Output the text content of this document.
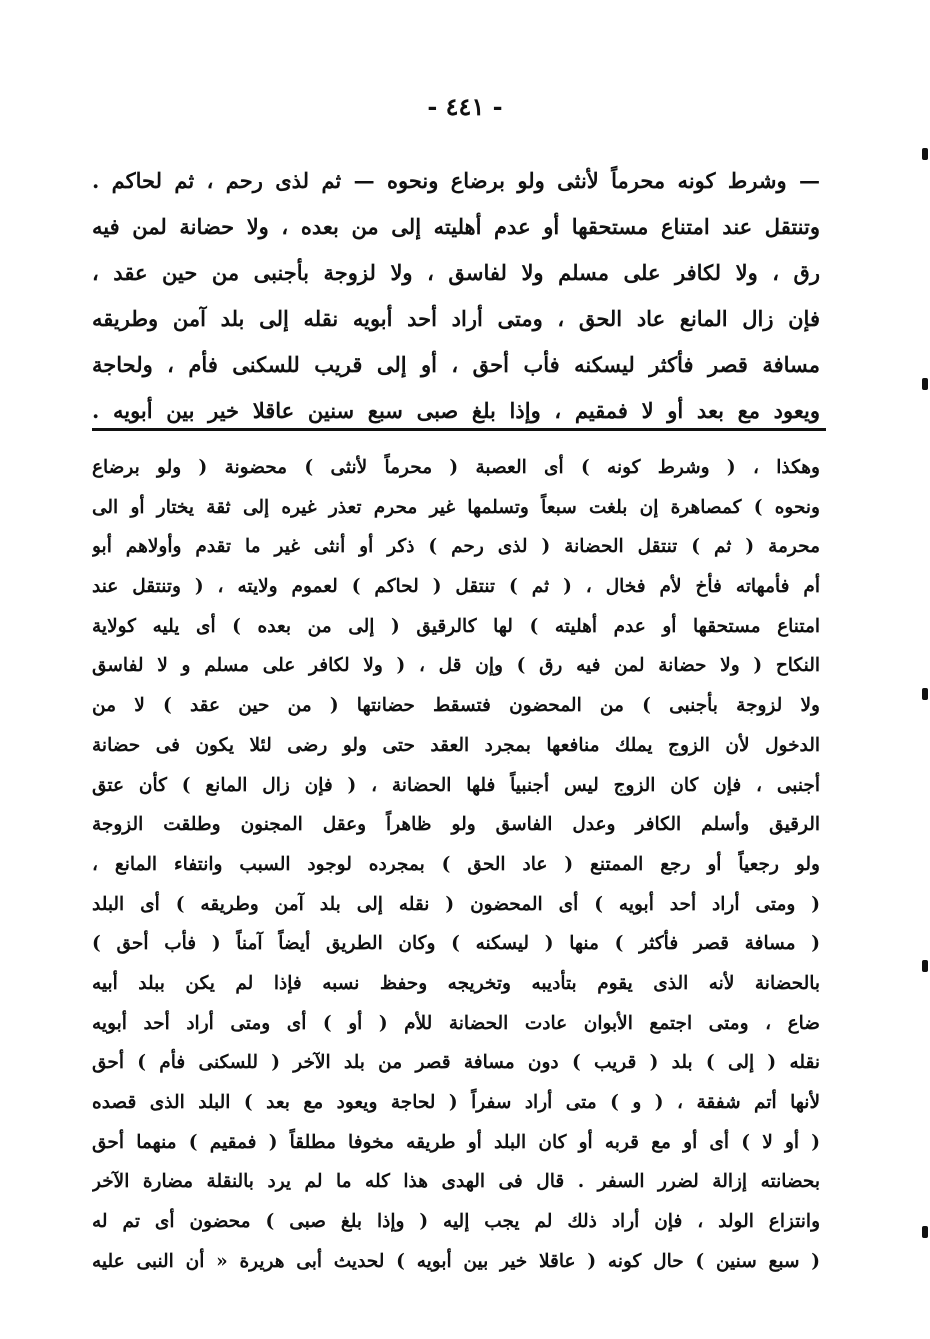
- ٤٤١ -
— وشرط كونه محرماً لأنثى ولو برضاع ونحوه — ثم لذى رحم ، ثم لحاكم .
وتنتقل عند امتناع مستحقها أو عدم أهليته إلى من بعده ، ولا حضانة لمن فيه
رق ، ولا لكافر على مسلم ولا لفاسق ، ولا لزوجة بأجنبى من حين عقد ،
فإن زال المانع عاد الحق ، ومتى أراد أحد أبويه نقله إلى بلد آمن وطريقه
مسافة قصر فأكثر ليسكنه فأب أحق ، أو إلى قريب للسكنى فأم ، ولحاجة
ويعود مع بعد أو لا فمقيم ، وإذا بلغ صبى سبع سنين عاقلا خير بين أبويه .
وهكذا ، ( وشرط كونه ) أى العصبة ( محرماً لأنثى ) محضونة ( ولو برضاع
ونحوه ) كمصاهرة إن بلغت سبعاً وتسلمها غير محرم تعذر غيره إلى ثقة يختار أو الى
محرمة ( ثم ) تنتقل الحضانة ( لذى رحم ) ذكر أو أنثى غير ما تقدم وأولاهم أبو
أم فأمهاته فأخ لأم فخال ، ( ثم ) تنتقل ( لحاكم ) لعموم ولايته ، ( وتنتقل عند
امتناع مستحقها أو عدم أهليته ) لها كالرقيق ( إلى من بعده ) أى يليه كولاية
النكاح ( ولا حضانة لمن فيه رق ) وإن قل ، ( ولا لكافر على مسلم و لا لفاسق
ولا لزوجة بأجنبى ) من المحضون فتسقط حضانتها ( من حين عقد ) لا من
الدخول لأن الزوج يملك منافعها بمجرد العقد حتى ولو رضى لئلا يكون فى حضانة
أجنبى ، فإن كان الزوج ليس أجنبياً فلها الحضانة ، ( فإن زال المانع ) كأن عتق
الرقيق وأسلم الكافر وعدل الفاسق ولو ظاهراً وعقل المجنون وطلقت الزوجة
ولو رجعياً أو رجع الممتنع ( عاد الحق ) بمجرده لوجود السبب وانتفاء المانع ،
( ومتى أراد أحد أبويه ) أى المحضون ( نقله إلى بلد آمن وطريقه ) أى البلد
( مسافة قصر فأكثر ) منها ( ليسكنه ) وكان الطريق أيضاً آمناً ( فأب أحق )
بالحضانة لأنه الذى يقوم بتأديبه وتخريجه وحفظ نسبه فإذا لم يكن ببلد أبيه
ضاع ، ومتى اجتمع الأبوان عادت الحضانة للأم ( أو ) أى ومتى أراد أحد أبويه
نقله ( إلى ) بلد ( قريب ) دون مسافة قصر من بلد الآخر ( للسكنى فأم ) أحق
لأنها أتم شفقة ، ( و ) متى أراد سفراً ( لحاجة ويعود مع بعد ) البلد الذى قصده
( أو لا ) أى أو مع قربه أو كان البلد أو طريقه مخوفا مطلقاً ( فمقيم ) منهما أحق
بحضانته إزالة لضرر السفر . قال فى الهدى هذا كله ما لم يرد بالنقلة مضارة الآخر
وانتزاع الولد ، فإن أراد ذلك لم يجب إليه ( وإذا بلغ صبى ) محضون أى تم له
( سبع سنين ) حال كونه ( عاقلا خير بين أبويه ) لحديث أبى هريرة « أن النبى عليه
